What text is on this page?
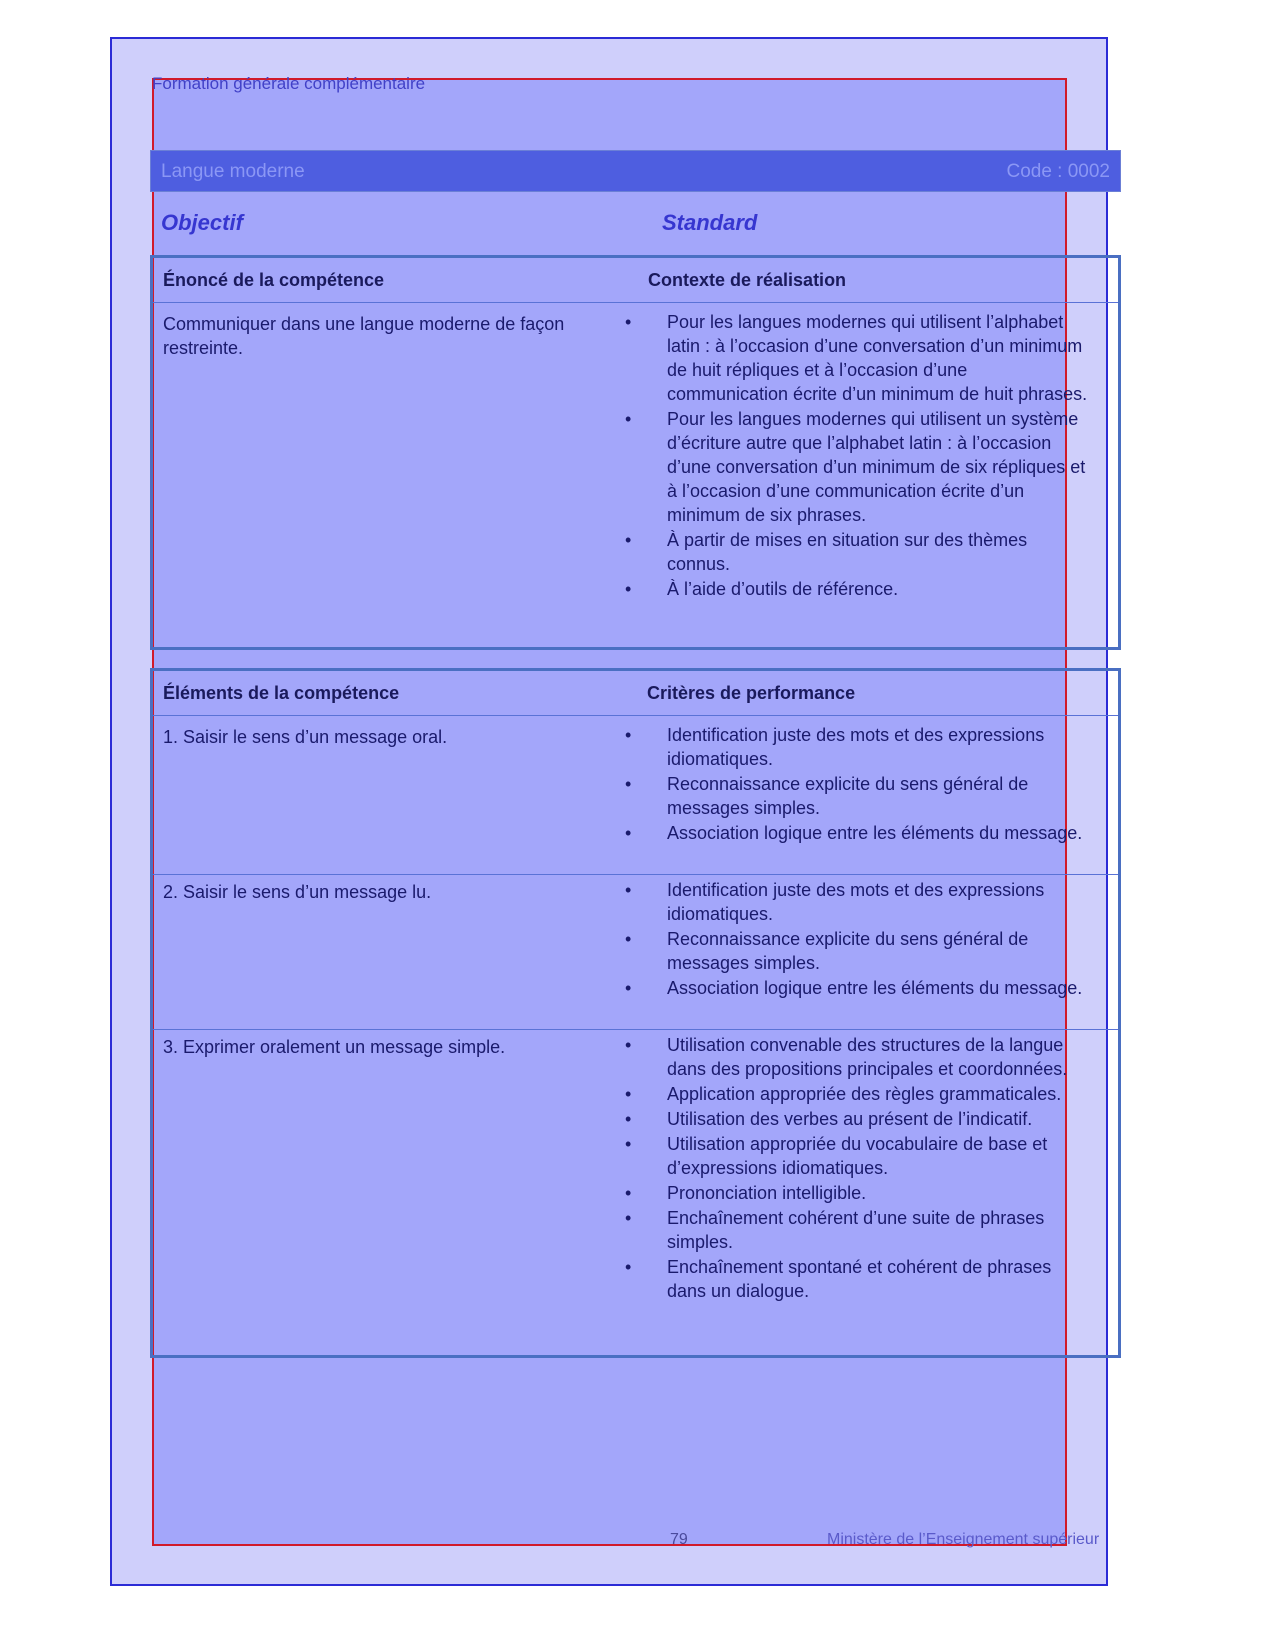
Formation générale complémentaire
Langue moderne	Code : 0002
Objectif	Standard
Énoncé de la compétence	Contexte de réalisation
Communiquer dans une langue moderne de façon restreinte.
• Pour les langues modernes qui utilisent l’alphabet latin : à l’occasion d’une conversation d’un minimum de huit répliques et à l’occasion d’une communication écrite d’un minimum de huit phrases.
• Pour les langues modernes qui utilisent un système d’écriture autre que l’alphabet latin : à l’occasion d’une conversation d’un minimum de six répliques et à l’occasion d’une communication écrite d’un minimum de six phrases.
• À partir de mises en situation sur des thèmes connus.
• À l’aide d’outils de référence.
Éléments de la compétence	Critères de performance
1. Saisir le sens d’un message oral.	• Identification juste des mots et des expressions idiomatiques.
• Reconnaissance explicite du sens général de messages simples.
• Association logique entre les éléments du message.
2. Saisir le sens d’un message lu.	• Identification juste des mots et des expressions idiomatiques.
• Reconnaissance explicite du sens général de messages simples.
• Association logique entre les éléments du message.
3. Exprimer oralement un message simple.	• Utilisation convenable des structures de la langue dans des propositions principales et coordonnées.
• Application appropriée des règles grammaticales.
• Utilisation des verbes au présent de l’indicatif.
• Utilisation appropriée du vocabulaire de base et d’expressions idiomatiques.
• Prononciation intelligible.
• Enchaînement cohérent d’une suite de phrases simples.
• Enchaînement spontané et cohérent de phrases dans un dialogue.
79	Ministère de l’Enseignement supérieur
